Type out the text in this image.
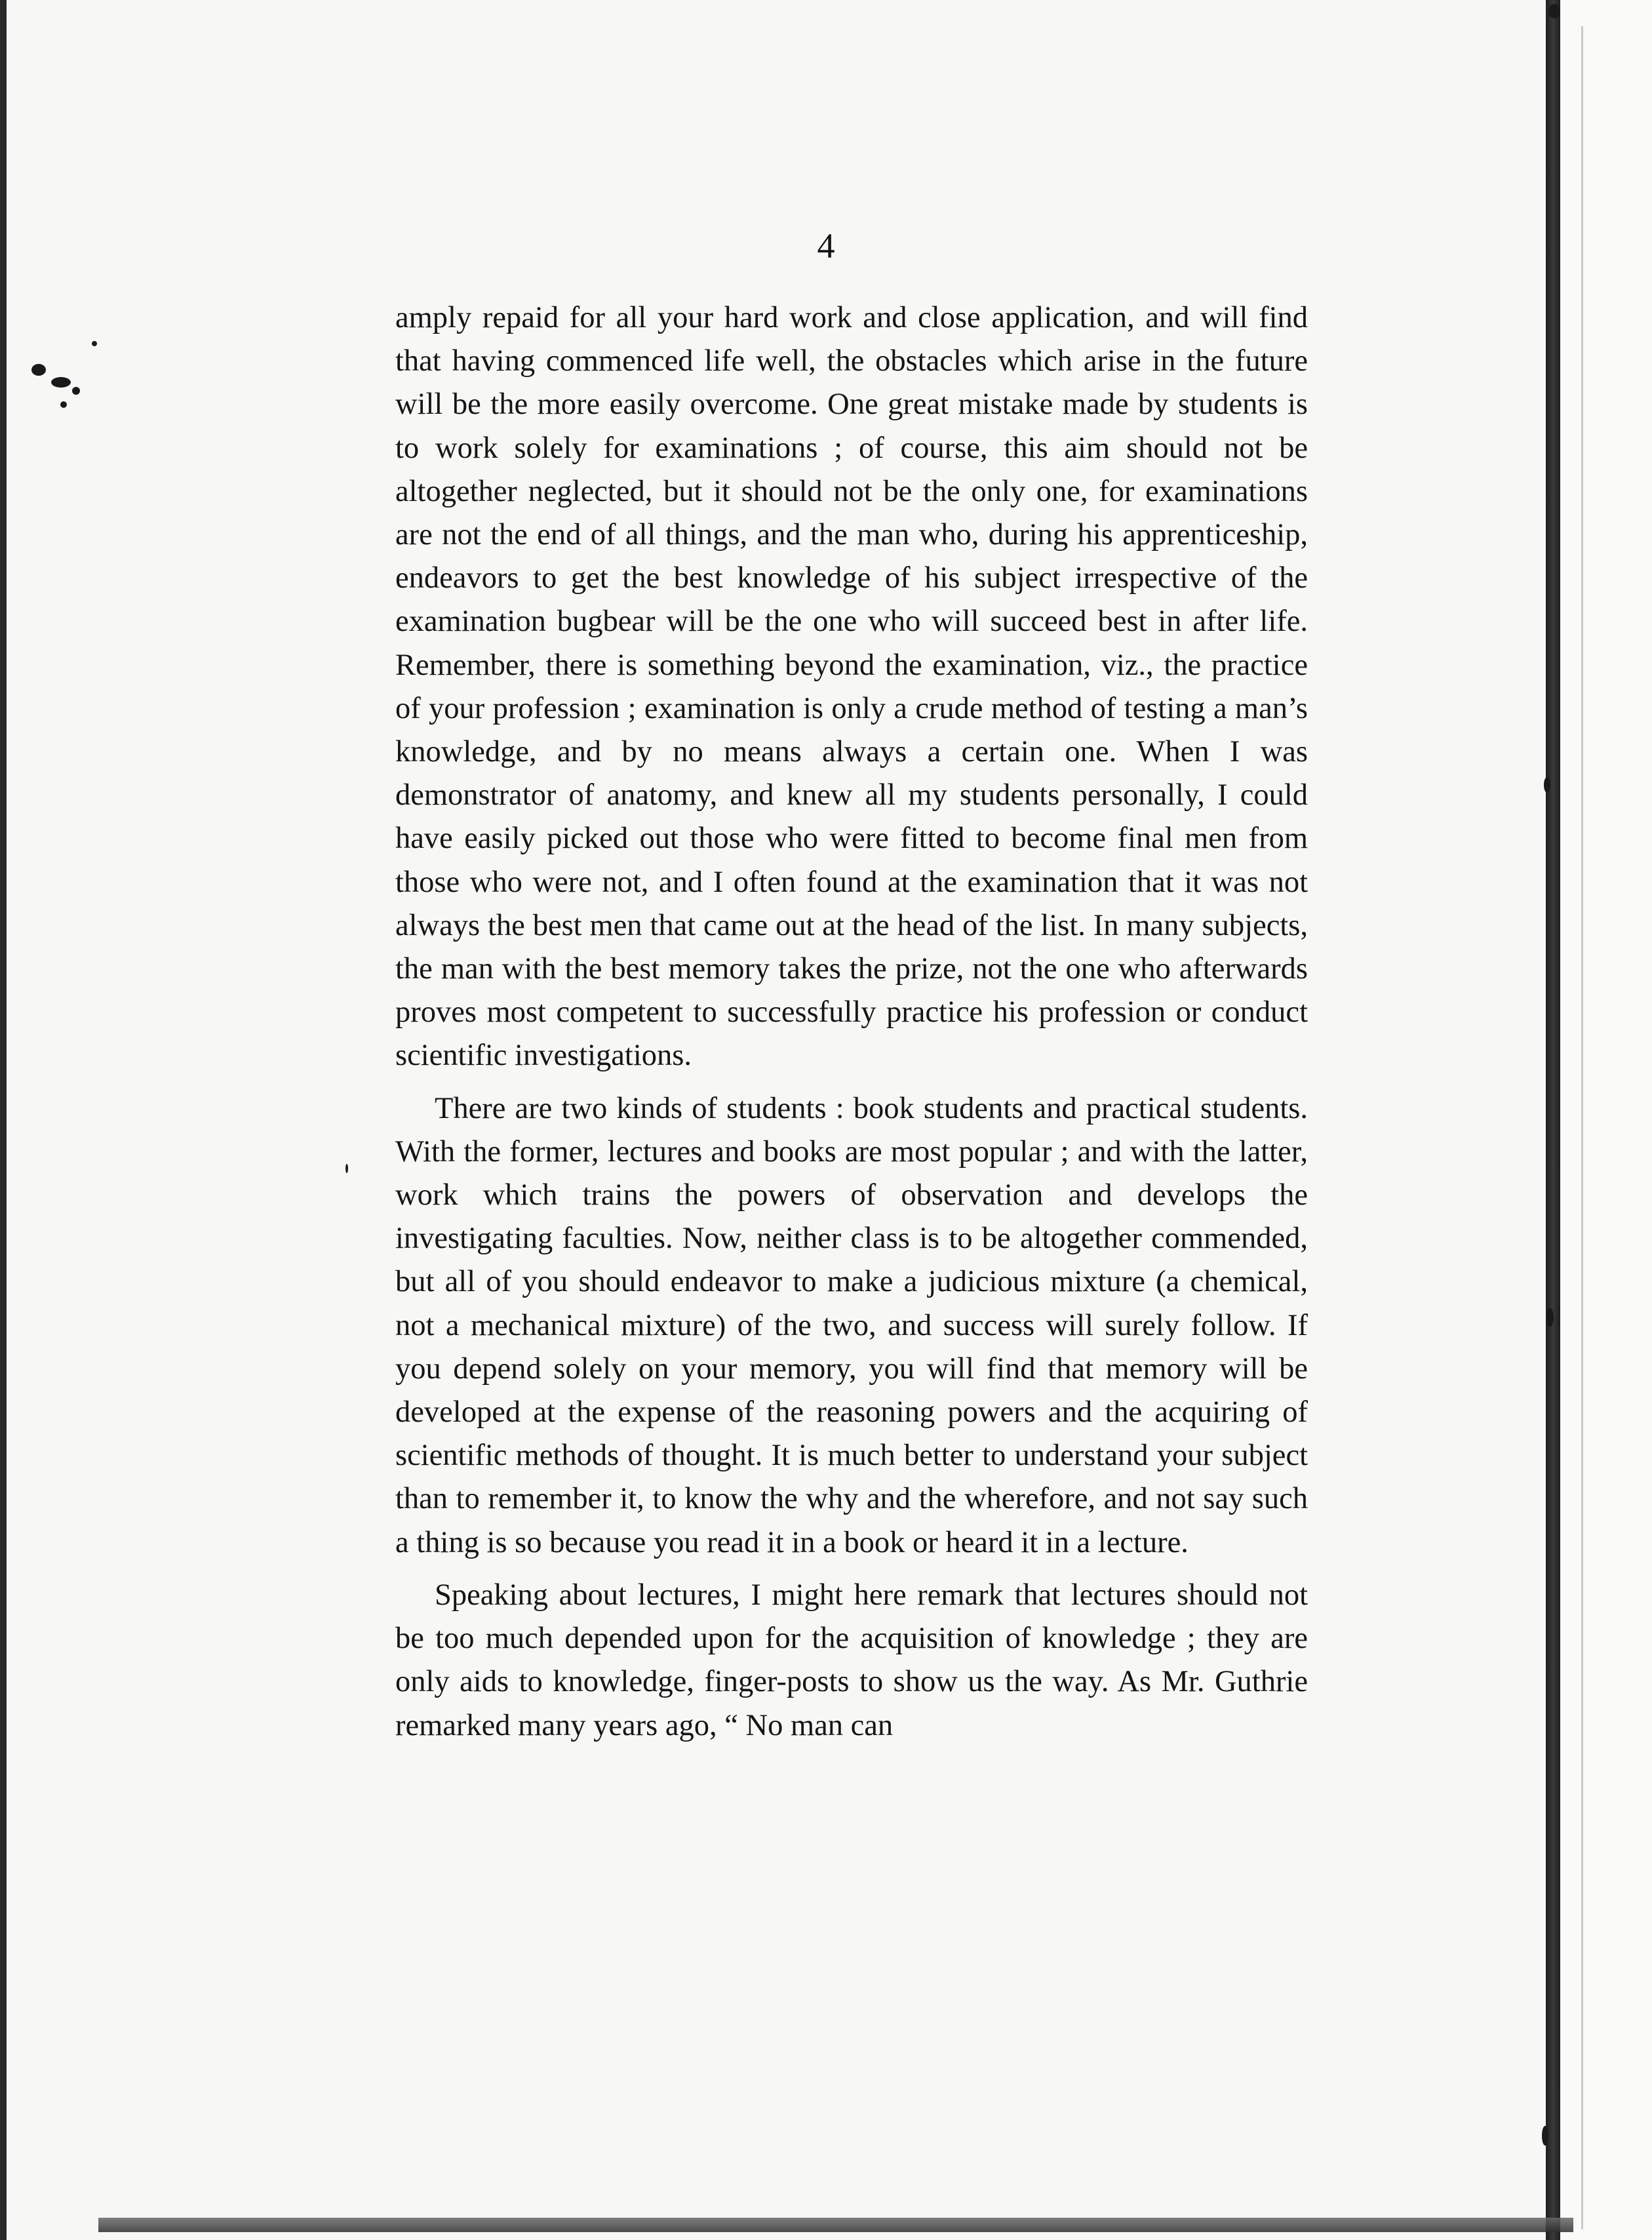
4

amply repaid for all your hard work and close application, and will find that having commenced life well, the obstacles which arise in the future will be the more easily overcome. One great mistake made by students is to work solely for examinations ; of course, this aim should not be altogether neglected, but it should not be the only one, for examinations are not the end of all things, and the man who, during his apprenticeship, endeavors to get the best knowledge of his subject irrespective of the examination bugbear will be the one who will succeed best in after life. Remember, there is something beyond the examination, viz., the practice of your profession ; examination is only a crude method of testing a man’s knowledge, and by no means always a certain one. When I was demonstrator of anatomy, and knew all my students personally, I could have easily picked out those who were fitted to become final men from those who were not, and I often found at the examination that it was not always the best men that came out at the head of the list. In many subjects, the man with the best memory takes the prize, not the one who afterwards proves most competent to successfully practice his profession or conduct scientific investigations.

There are two kinds of students : book students and practical students. With the former, lectures and books are most popular ; and with the latter, work which trains the powers of observation and develops the investigating faculties. Now, neither class is to be altogether commended, but all of you should endeavor to make a judicious mixture (a chemical, not a mechanical mixture) of the two, and success will surely follow. If you depend solely on your memory, you will find that memory will be developed at the expense of the reasoning powers and the acquiring of scientific methods of thought. It is much better to understand your subject than to remember it, to know the why and the wherefore, and not say such a thing is so because you read it in a book or heard it in a lecture.

Speaking about lectures, I might here remark that lectures should not be too much depended upon for the acquisition of knowledge ; they are only aids to knowledge, finger-posts to show us the way. As Mr. Guthrie remarked many years ago, “ No man can
